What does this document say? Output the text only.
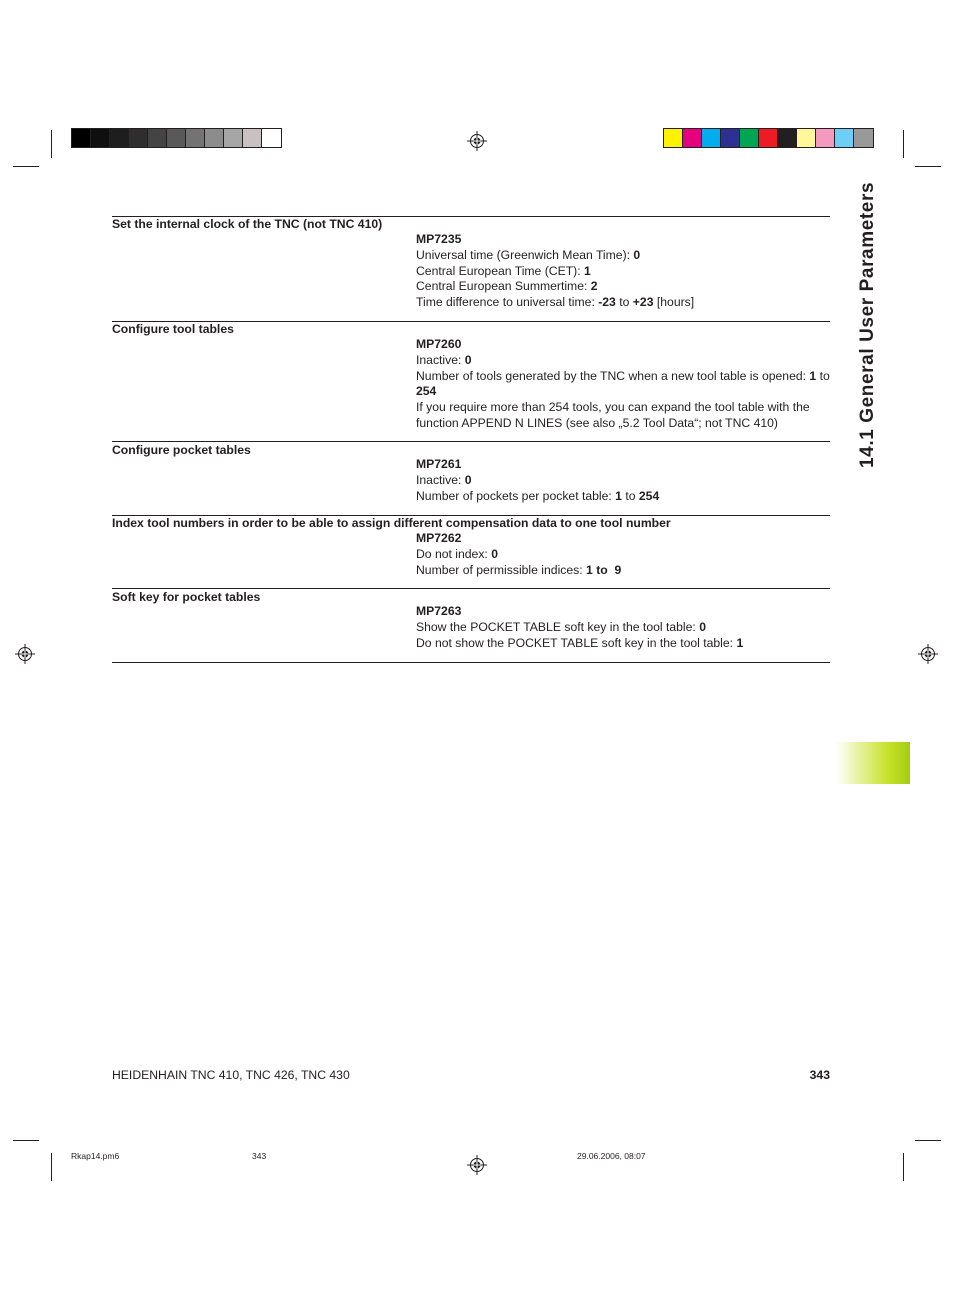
14.1 General User Parameters
Set the internal clock of the TNC (not TNC 410)
MP7235
Universal time (Greenwich Mean Time): 0
Central European Time (CET): 1
Central European Summertime: 2
Time difference to universal time: -23 to +23 [hours]
Configure tool tables
MP7260
Inactive: 0
Number of tools generated by the TNC when a new tool table is opened: 1 to 254
If you require more than 254 tools, you can expand the tool table with the function APPEND N LINES (see also „5.2 Tool Data“; not TNC 410)
Configure pocket tables
MP7261
Inactive: 0
Number of pockets per pocket table: 1 to 254
Index tool numbers in order to be able to assign different compensation data to one tool number
MP7262
Do not index: 0
Number of permissible indices: 1 to 9
Soft key for pocket tables
MP7263
Show the POCKET TABLE soft key in the tool table: 0
Do not show the POCKET TABLE soft key in the tool table: 1
HEIDENHAIN TNC 410, TNC 426, TNC 430	343
Rkap14.pm6	343	29.06.2006, 08:07
